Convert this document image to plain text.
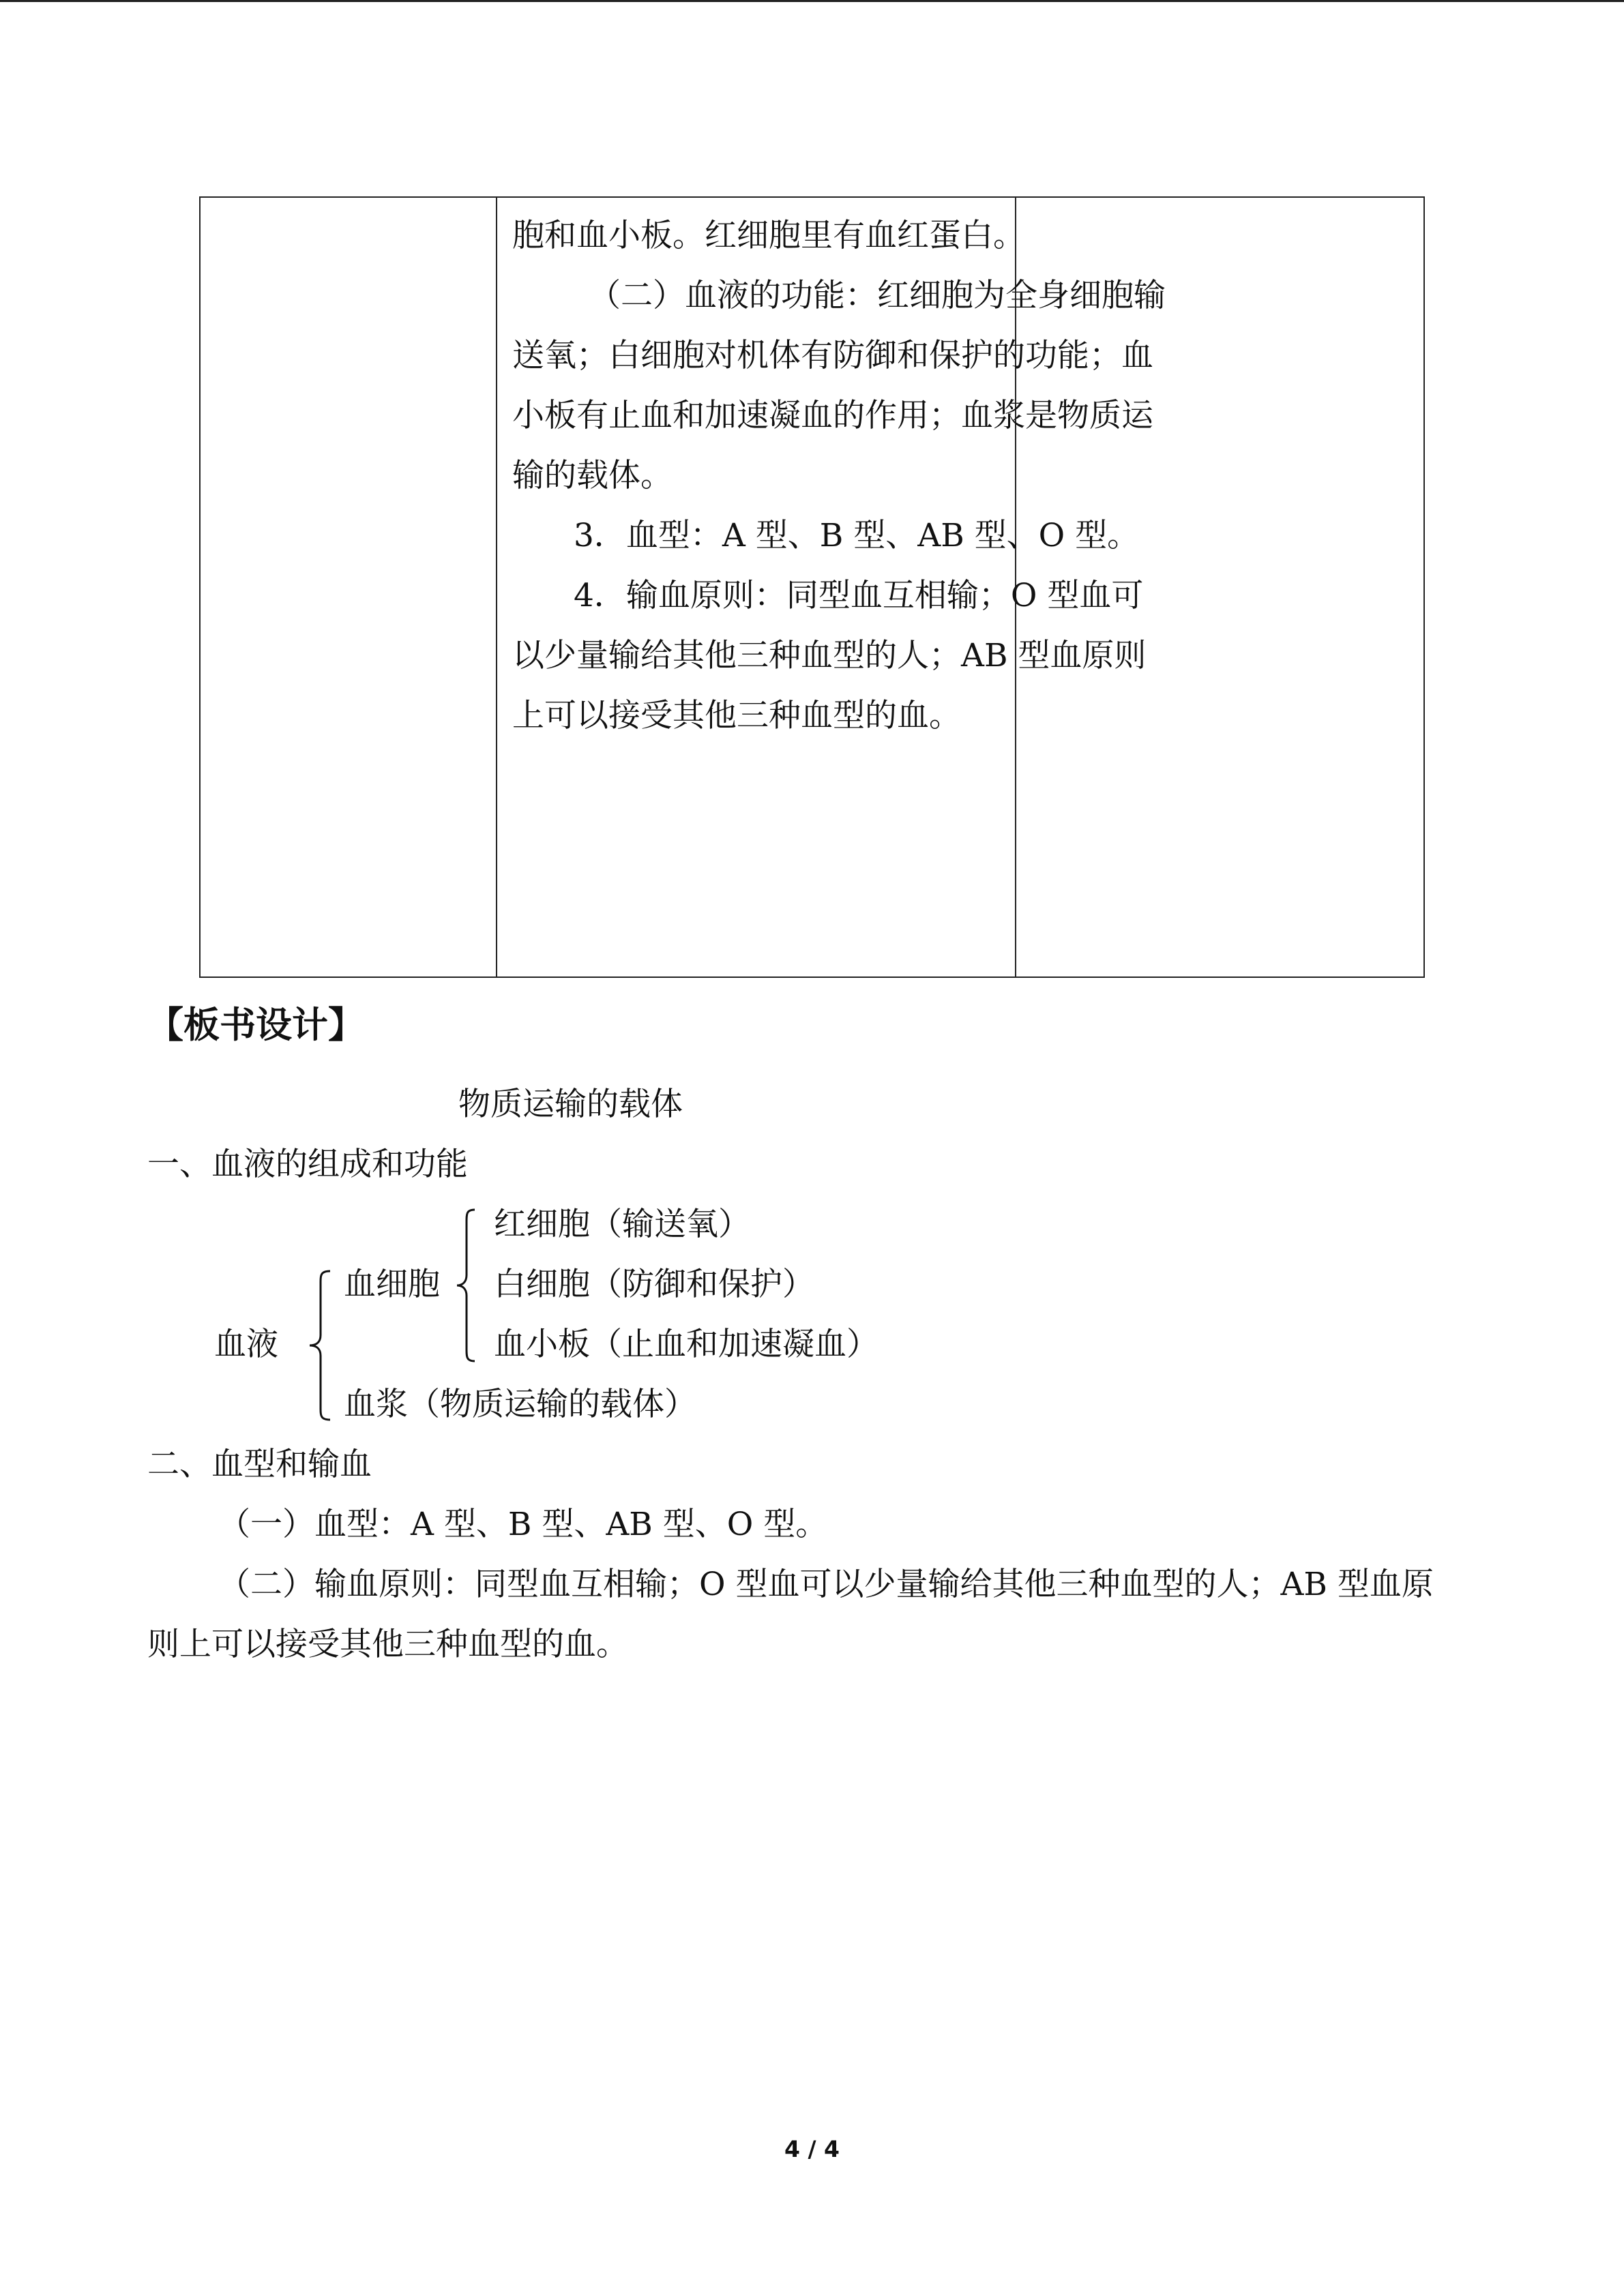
胞和血小板。红细胞里有血红蛋白。

（二）血液的功能：红细胞为全身细胞输送氧；白细胞对机体有防御和保护的功能；血小板有止血和加速凝血的作用；血浆是物质运输的载体。

3．血型：A 型、B 型、AB 型、O 型。

4．输血原则：同型血互相输；O 型血可以少量输给其他三种血型的人；AB 型血原则上可以接受其他三种血型的血。

【板书设计】

物质运输的载体

一、血液的组成和功能

红细胞（输送氧）

白细胞（防御和保护）

血小板（止血和加速凝血）

血细胞

血液

血浆（物质运输的载体）

二、血型和输血

（一）血型：A 型、B 型、AB 型、O 型。

（二）输血原则：同型血互相输；O 型血可以少量输给其他三种血型的人；AB 型血原

则上可以接受其他三种血型的血。

4 / 4
